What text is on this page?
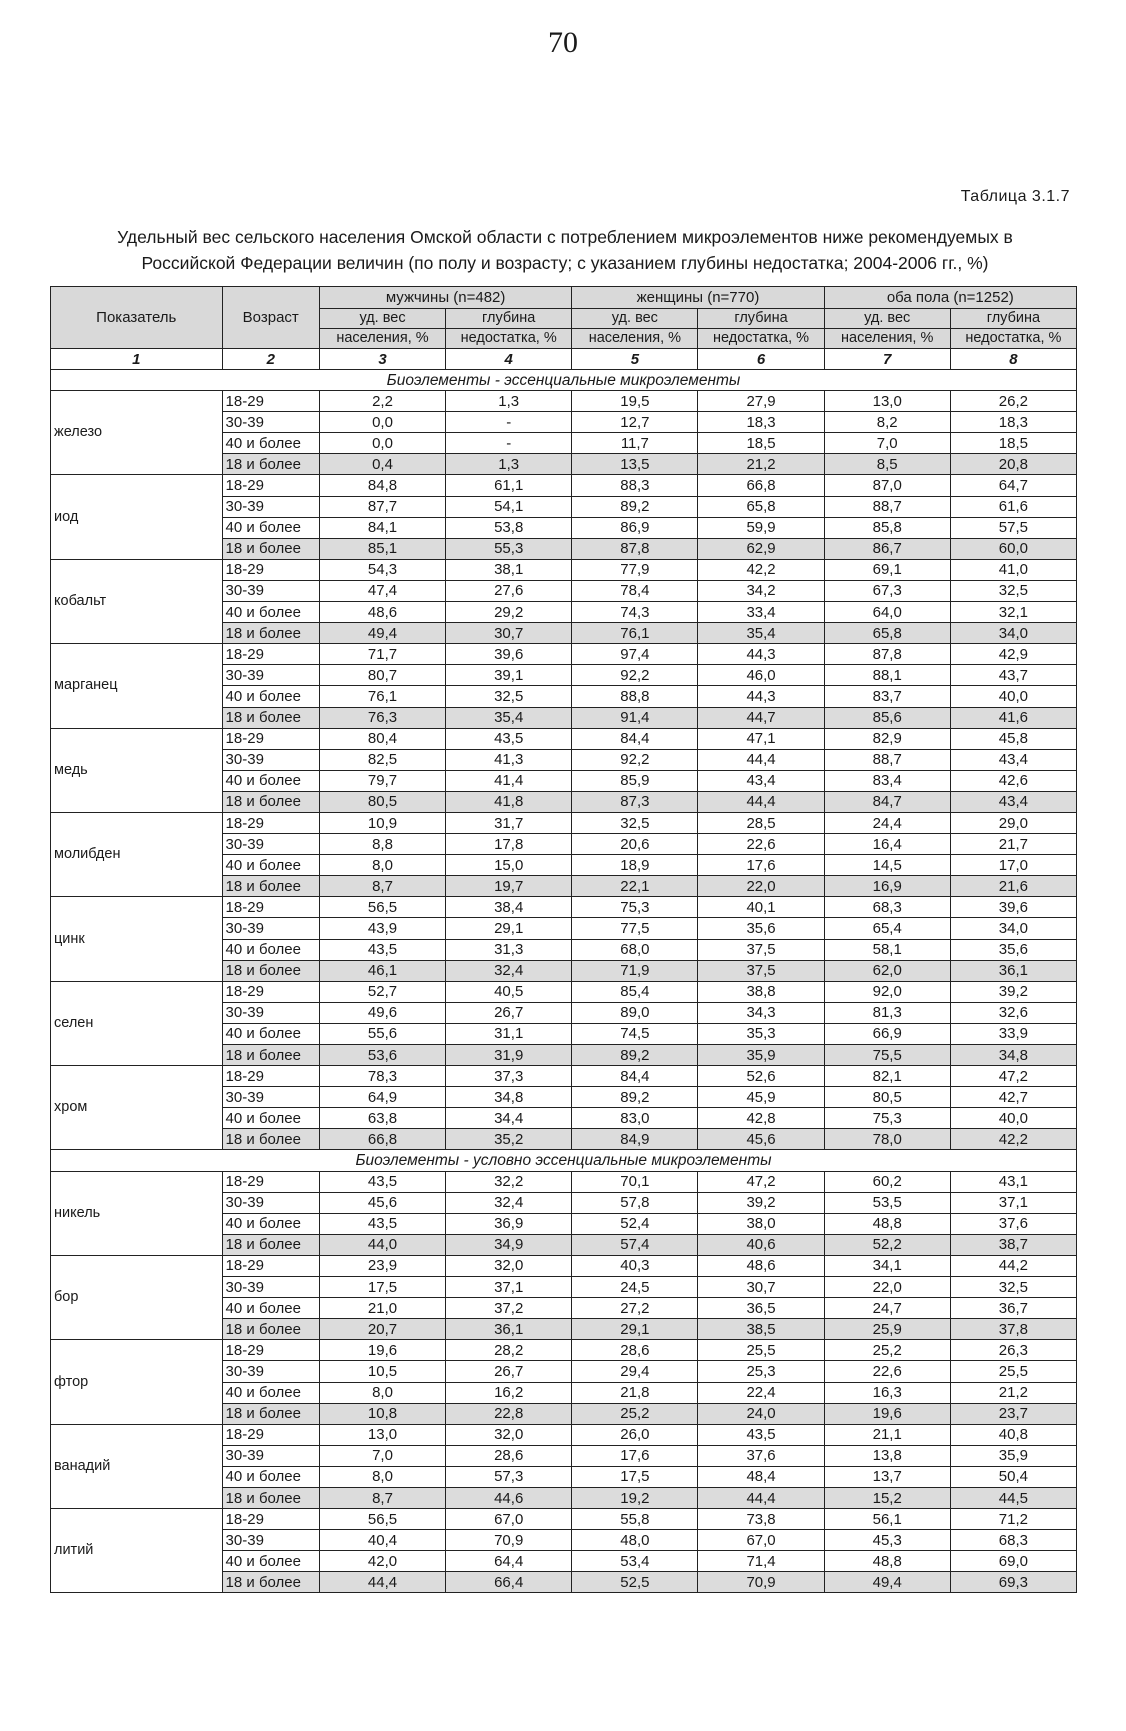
70
Таблица 3.1.7
Удельный вес сельского населения Омской области с потреблением микроэлементов ниже рекомендуемых в
Российской Федерации величин (по полу и возрасту; с указанием глубины недостатка; 2004-2006 гг., %)
Показатель	Возраст	мужчины (n=482)		женщины (n=770)		оба пола (n=1252)	
		уд. вес	глубина	уд. вес	глубина	уд. вес	глубина
		населения, %	недостатка, %	населения, %	недостатка, %	населения, %	недостатка, %
1	2	3	4	5	6	7	8
Биоэлементы - эссенциальные микроэлементы							
железо	18-29	2,2	1,3	19,5	27,9	13,0	26,2
	30-39	0,0	-	12,7	18,3	8,2	18,3
	40 и более	0,0	-	11,7	18,5	7,0	18,5
	18 и более	0,4	1,3	13,5	21,2	8,5	20,8
иод	18-29	84,8	61,1	88,3	66,8	87,0	64,7
	30-39	87,7	54,1	89,2	65,8	88,7	61,6
	40 и более	84,1	53,8	86,9	59,9	85,8	57,5
	18 и более	85,1	55,3	87,8	62,9	86,7	60,0
кобальт	18-29	54,3	38,1	77,9	42,2	69,1	41,0
	30-39	47,4	27,6	78,4	34,2	67,3	32,5
	40 и более	48,6	29,2	74,3	33,4	64,0	32,1
	18 и более	49,4	30,7	76,1	35,4	65,8	34,0
марганец	18-29	71,7	39,6	97,4	44,3	87,8	42,9
	30-39	80,7	39,1	92,2	46,0	88,1	43,7
	40 и более	76,1	32,5	88,8	44,3	83,7	40,0
	18 и более	76,3	35,4	91,4	44,7	85,6	41,6
медь	18-29	80,4	43,5	84,4	47,1	82,9	45,8
	30-39	82,5	41,3	92,2	44,4	88,7	43,4
	40 и более	79,7	41,4	85,9	43,4	83,4	42,6
	18 и более	80,5	41,8	87,3	44,4	84,7	43,4
молибден	18-29	10,9	31,7	32,5	28,5	24,4	29,0
	30-39	8,8	17,8	20,6	22,6	16,4	21,7
	40 и более	8,0	15,0	18,9	17,6	14,5	17,0
	18 и более	8,7	19,7	22,1	22,0	16,9	21,6
цинк	18-29	56,5	38,4	75,3	40,1	68,3	39,6
	30-39	43,9	29,1	77,5	35,6	65,4	34,0
	40 и более	43,5	31,3	68,0	37,5	58,1	35,6
	18 и более	46,1	32,4	71,9	37,5	62,0	36,1
селен	18-29	52,7	40,5	85,4	38,8	92,0	39,2
	30-39	49,6	26,7	89,0	34,3	81,3	32,6
	40 и более	55,6	31,1	74,5	35,3	66,9	33,9
	18 и более	53,6	31,9	89,2	35,9	75,5	34,8
хром	18-29	78,3	37,3	84,4	52,6	82,1	47,2
	30-39	64,9	34,8	89,2	45,9	80,5	42,7
	40 и более	63,8	34,4	83,0	42,8	75,3	40,0
	18 и более	66,8	35,2	84,9	45,6	78,0	42,2
Биоэлементы - условно эссенциальные микроэлементы							
никель	18-29	43,5	32,2	70,1	47,2	60,2	43,1
	30-39	45,6	32,4	57,8	39,2	53,5	37,1
	40 и более	43,5	36,9	52,4	38,0	48,8	37,6
	18 и более	44,0	34,9	57,4	40,6	52,2	38,7
бор	18-29	23,9	32,0	40,3	48,6	34,1	44,2
	30-39	17,5	37,1	24,5	30,7	22,0	32,5
	40 и более	21,0	37,2	27,2	36,5	24,7	36,7
	18 и более	20,7	36,1	29,1	38,5	25,9	37,8
фтор	18-29	19,6	28,2	28,6	25,5	25,2	26,3
	30-39	10,5	26,7	29,4	25,3	22,6	25,5
	40 и более	8,0	16,2	21,8	22,4	16,3	21,2
	18 и более	10,8	22,8	25,2	24,0	19,6	23,7
ванадий	18-29	13,0	32,0	26,0	43,5	21,1	40,8
	30-39	7,0	28,6	17,6	37,6	13,8	35,9
	40 и более	8,0	57,3	17,5	48,4	13,7	50,4
	18 и более	8,7	44,6	19,2	44,4	15,2	44,5
литий	18-29	56,5	67,0	55,8	73,8	56,1	71,2
	30-39	40,4	70,9	48,0	67,0	45,3	68,3
	40 и более	42,0	64,4	53,4	71,4	48,8	69,0
	18 и более	44,4	66,4	52,5	70,9	49,4	69,3
